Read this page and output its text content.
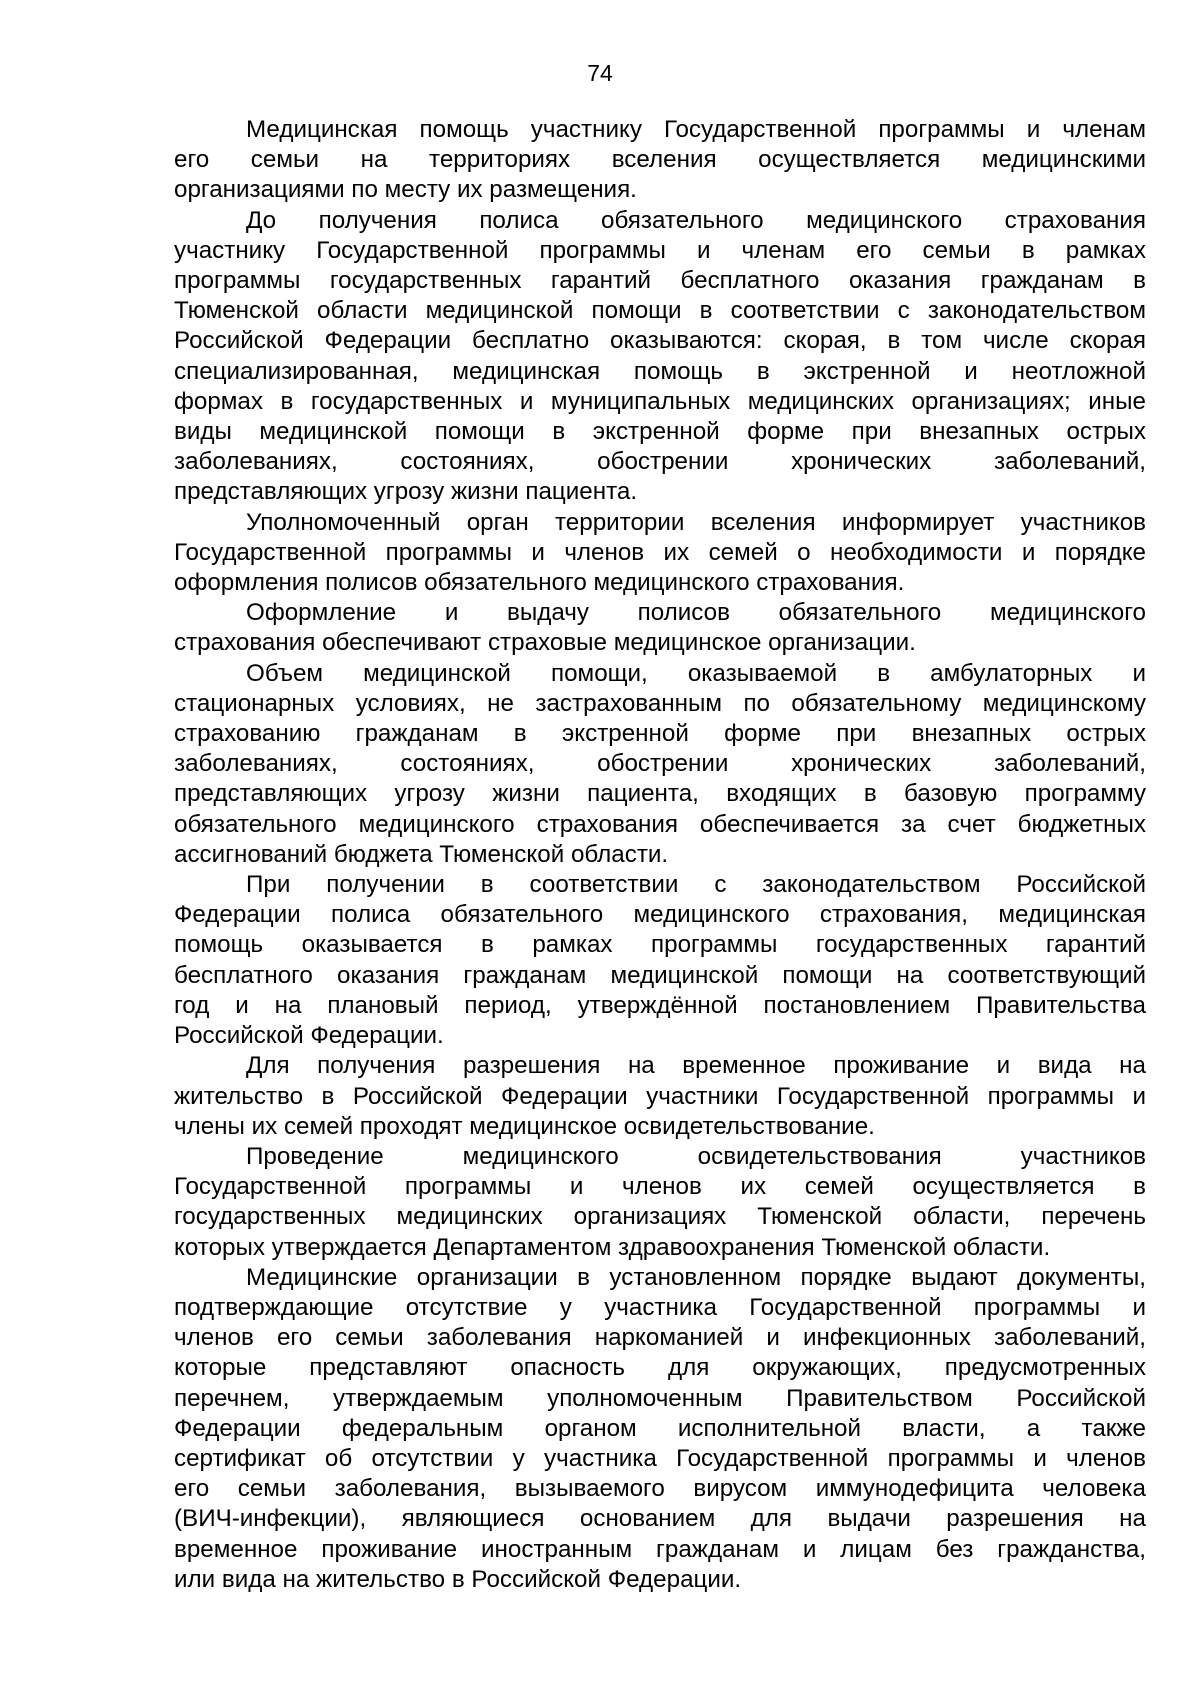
74
Медицинская помощь участнику Государственной программы и членам
его семьи на территориях вселения осуществляется медицинскими
организациями по месту их размещения.
До получения полиса обязательного медицинского страхования
участнику Государственной программы и членам его семьи в рамках
программы государственных гарантий бесплатного оказания гражданам в
Тюменской области медицинской помощи в соответствии с законодательством
Российской Федерации бесплатно оказываются: скорая, в том числе скорая
специализированная, медицинская помощь в экстренной и неотложной
формах в государственных и муниципальных медицинских организациях; иные
виды медицинской помощи в экстренной форме при внезапных острых
заболеваниях, состояниях, обострении хронических заболеваний,
представляющих угрозу жизни пациента.
Уполномоченный орган территории вселения информирует участников
Государственной программы и членов их семей о необходимости и порядке
оформления полисов обязательного медицинского страхования.
Оформление и выдачу полисов обязательного медицинского
страхования обеспечивают страховые медицинское организации.
Объем медицинской помощи, оказываемой в амбулаторных и
стационарных условиях, не застрахованным по обязательному медицинскому
страхованию гражданам в экстренной форме при внезапных острых
заболеваниях, состояниях, обострении хронических заболеваний,
представляющих угрозу жизни пациента, входящих в базовую программу
обязательного медицинского страхования обеспечивается за счет бюджетных
ассигнований бюджета Тюменской области.
При получении в соответствии с законодательством Российской
Федерации полиса обязательного медицинского страхования, медицинская
помощь оказывается в рамках программы государственных гарантий
бесплатного оказания гражданам медицинской помощи на соответствующий
год и на плановый период, утверждённой постановлением Правительства
Российской Федерации.
Для получения разрешения на временное проживание и вида на
жительство в Российской Федерации участники Государственной программы и
члены их семей проходят медицинское освидетельствование.
Проведение медицинского освидетельствования участников
Государственной программы и членов их семей осуществляется в
государственных медицинских организациях Тюменской области, перечень
которых утверждается Департаментом здравоохранения Тюменской области.
Медицинские организации в установленном порядке выдают документы,
подтверждающие отсутствие у участника Государственной программы и
членов его семьи заболевания наркоманией и инфекционных заболеваний,
которые представляют опасность для окружающих, предусмотренных
перечнем, утверждаемым уполномоченным Правительством Российской
Федерации федеральным органом исполнительной власти, а также
сертификат об отсутствии у участника Государственной программы и членов
его семьи заболевания, вызываемого вирусом иммунодефицита человека
(ВИЧ-инфекции), являющиеся основанием для выдачи разрешения на
временное проживание иностранным гражданам и лицам без гражданства,
или вида на жительство в Российской Федерации.
